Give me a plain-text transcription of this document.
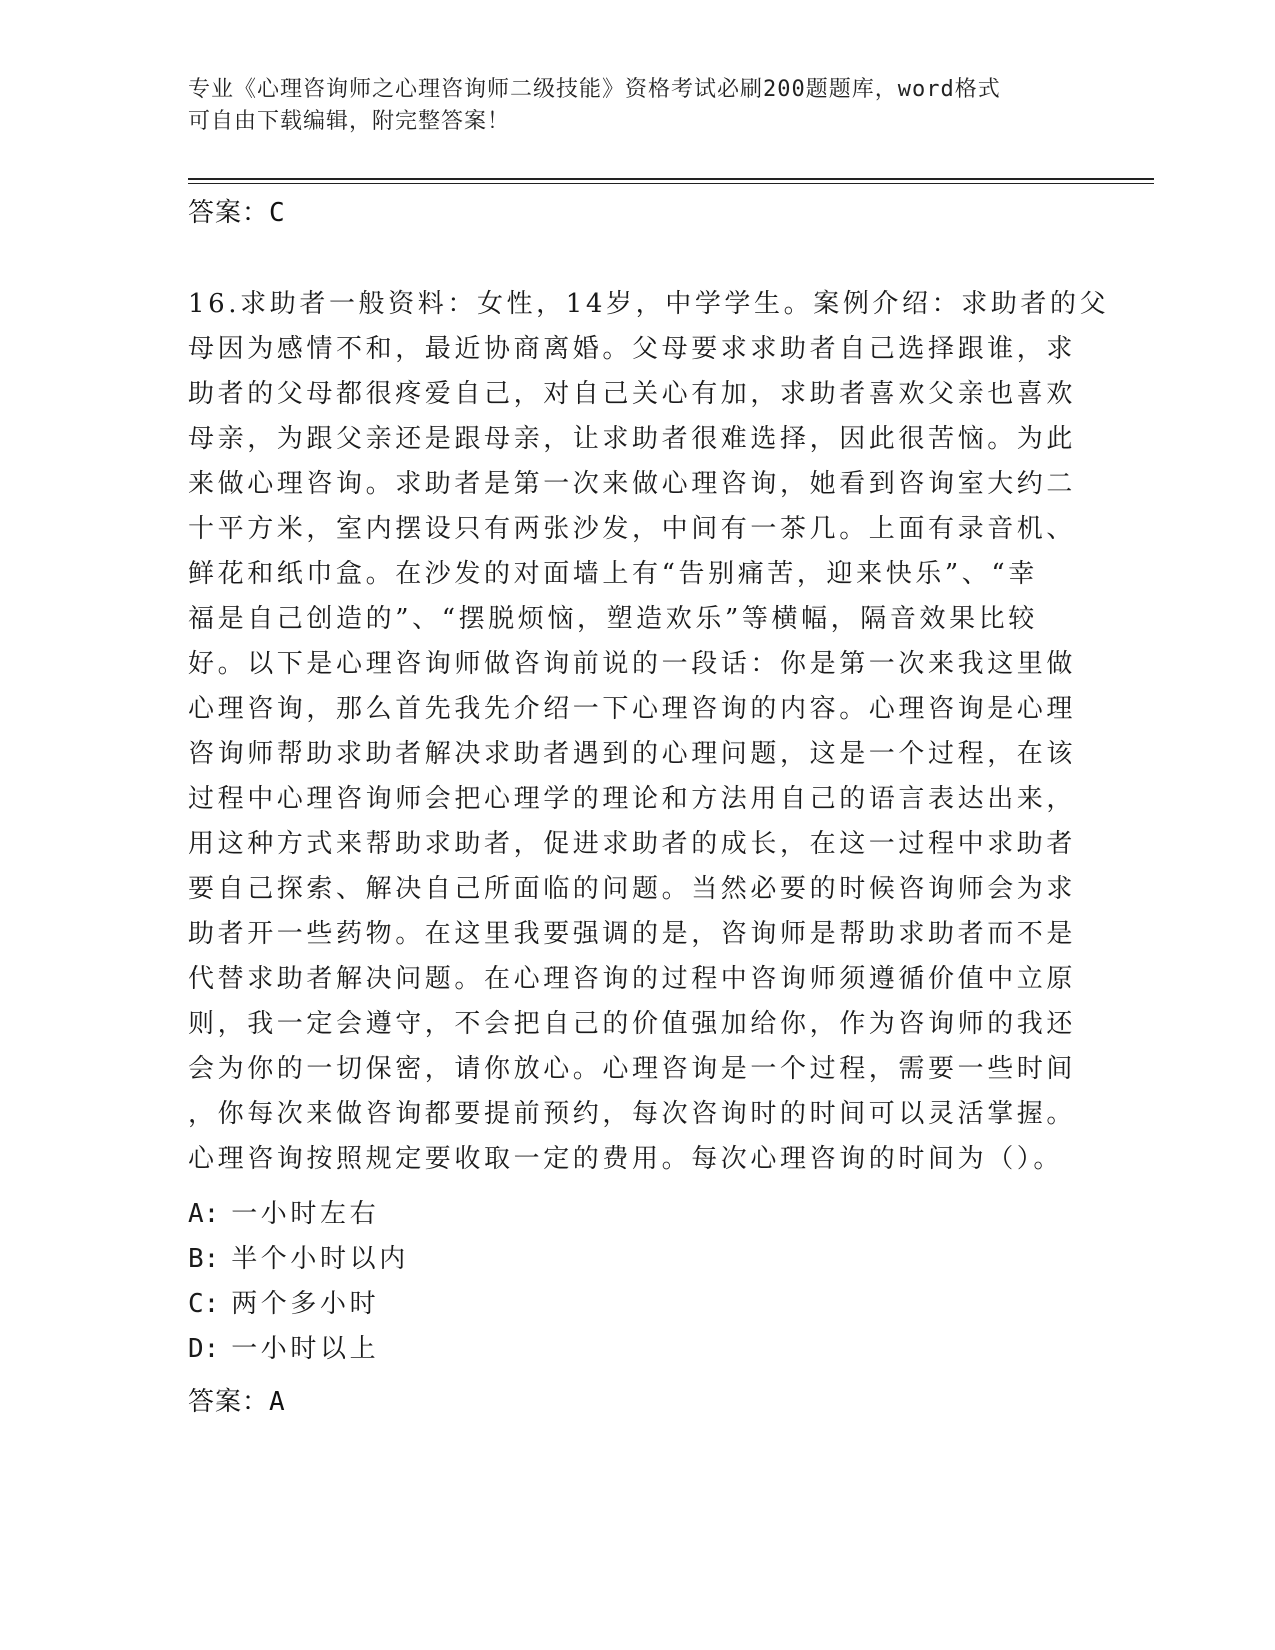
专业《心理咨询师之心理咨询师二级技能》资格考试必刷200题题库，word格式
可自由下载编辑，附完整答案！
答案：C
16.求助者一般资料：女性，14岁，中学学生。案例介绍：求助者的父
母因为感情不和，最近协商离婚。父母要求求助者自己选择跟谁，求
助者的父母都很疼爱自己，对自己关心有加，求助者喜欢父亲也喜欢
母亲，为跟父亲还是跟母亲，让求助者很难选择，因此很苦恼。为此
来做心理咨询。求助者是第一次来做心理咨询，她看到咨询室大约二
十平方米，室内摆设只有两张沙发，中间有一茶几。上面有录音机、
鲜花和纸巾盒。在沙发的对面墙上有“告别痛苦，迎来快乐”、“幸
福是自己创造的”、“摆脱烦恼，塑造欢乐”等横幅，隔音效果比较
好。以下是心理咨询师做咨询前说的一段话：你是第一次来我这里做
心理咨询，那么首先我先介绍一下心理咨询的内容。心理咨询是心理
咨询师帮助求助者解决求助者遇到的心理问题，这是一个过程，在该
过程中心理咨询师会把心理学的理论和方法用自己的语言表达出来，
用这种方式来帮助求助者，促进求助者的成长，在这一过程中求助者
要自己探索、解决自己所面临的问题。当然必要的时候咨询师会为求
助者开一些药物。在这里我要强调的是，咨询师是帮助求助者而不是
代替求助者解决问题。在心理咨询的过程中咨询师须遵循价值中立原
则，我一定会遵守，不会把自己的价值强加给你，作为咨询师的我还
会为你的一切保密，请你放心。心理咨询是一个过程，需要一些时间
，你每次来做咨询都要提前预约，每次咨询时的时间可以灵活掌握。
心理咨询按照规定要收取一定的费用。每次心理咨询的时间为（）。
A: 一小时左右
B: 半个小时以内
C: 两个多小时
D: 一小时以上
答案：A
